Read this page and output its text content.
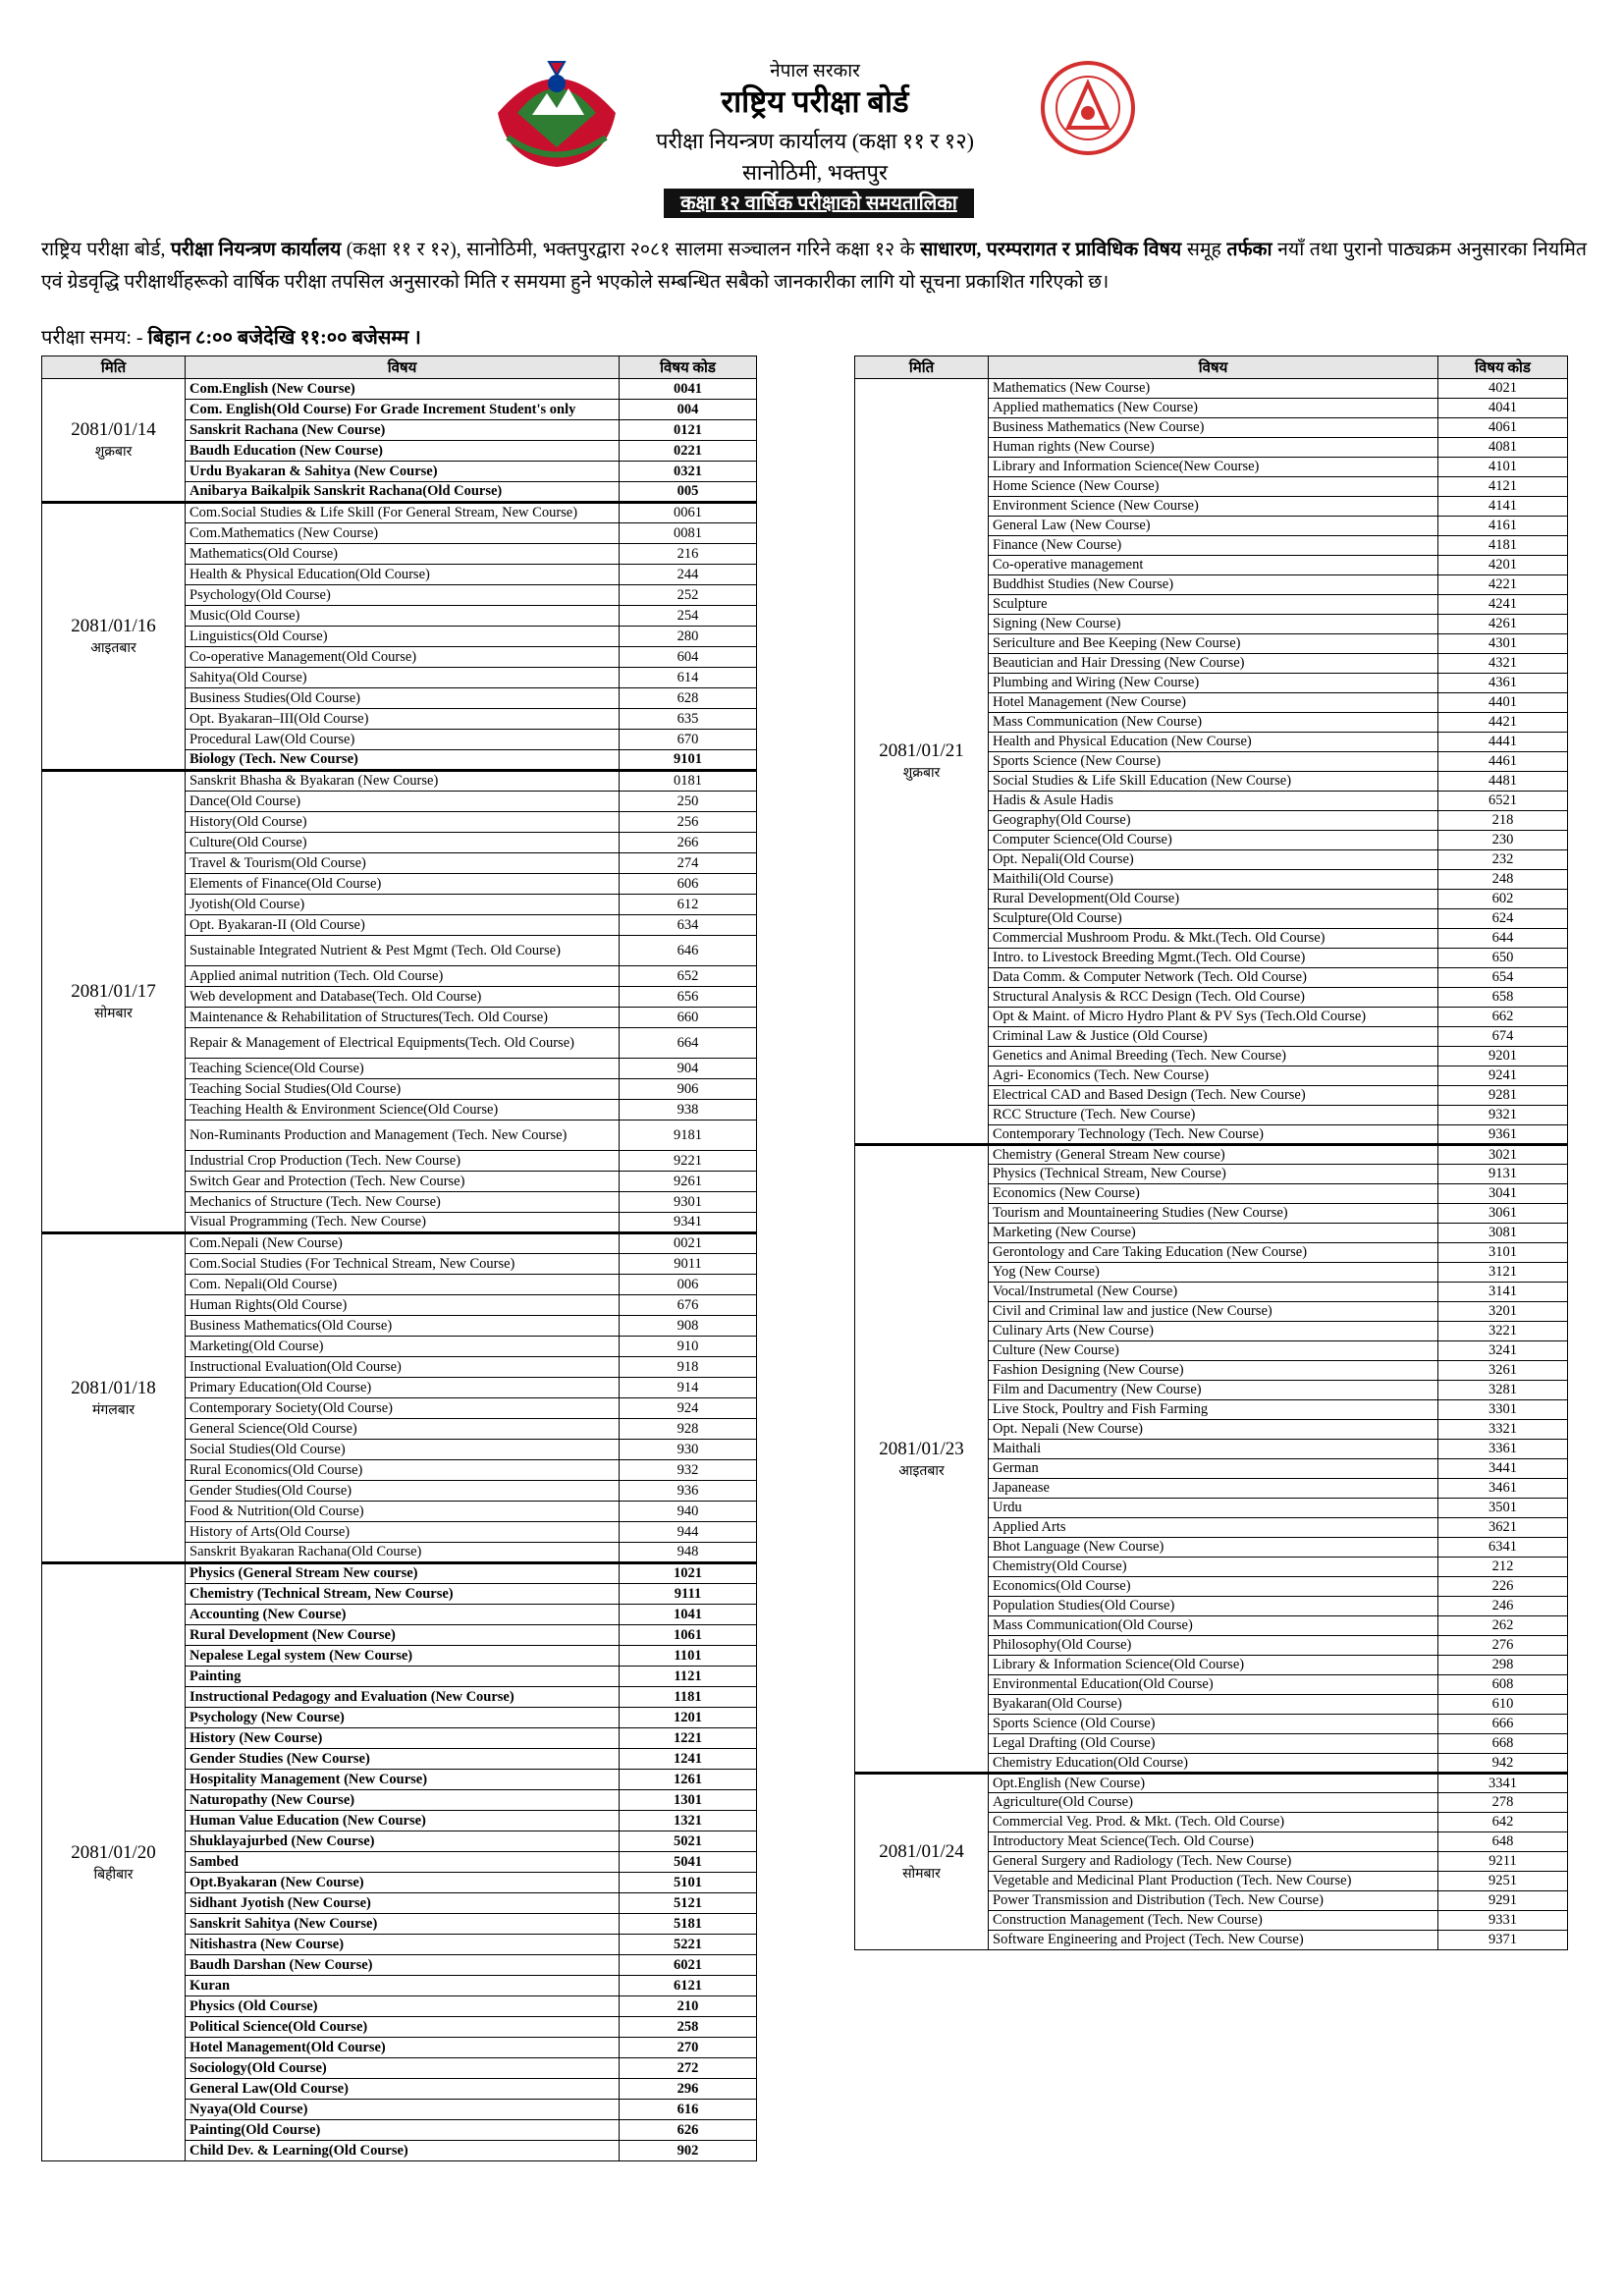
नेपाल सरकार
राष्ट्रिय परीक्षा बोर्ड
परीक्षा नियन्त्रण कार्यालय (कक्षा ११ र १२)
सानोठिमी, भक्तपुर
कक्षा १२ वार्षिक परीक्षाको समयतालिका
राष्ट्रिय परीक्षा बोर्ड, परीक्षा नियन्त्रण कार्यालय (कक्षा ११ र १२), सानोठिमी, भक्तपुरद्वारा २०८१ सालमा सञ्चालन गरिने कक्षा १२ के साधारण, परम्परागत र प्राविधिक विषय समूह तर्फका नयाँ तथा पुरानो पाठ्यक्रम अनुसारका नियमित एवं ग्रेडवृद्धि परीक्षार्थीहरूको वार्षिक परीक्षा तपसिल अनुसारको मिति र समयमा हुने भएकोले सम्बन्धित सबैको जानकारीका लागि यो सूचना प्रकाशित गरिएको छ।
परीक्षा समय: - बिहान ८:०० बजेदेखि ११:०० बजेसम्म ।
मिति	विषय	विषय कोड
2081/01/14
शुक्रबार	Com.English (New Course)	0041
	Com. English(Old Course) For Grade Increment Student's only	004
	Sanskrit Rachana (New Course)	0121
	Baudh Education (New Course)	0221
	Urdu Byakaran & Sahitya (New Course)	0321
	Anibarya Baikalpik Sanskrit Rachana(Old Course)	005
2081/01/16
आइतबार	Com.Social Studies & Life Skill (For General Stream, New Course)	0061
	Com.Mathematics (New Course)	0081
	Mathematics(Old Course)	216
	Health & Physical Education(Old Course)	244
	Psychology(Old Course)	252
	Music(Old Course)	254
	Linguistics(Old Course)	280
	Co-operative Management(Old Course)	604
	Sahitya(Old Course)	614
	Business Studies(Old Course)	628
	Opt. Byakaran–III(Old Course)	635
	Procedural Law(Old Course)	670
	Biology (Tech. New Course)	9101
2081/01/17
सोमबार	Sanskrit Bhasha & Byakaran (New Course)	0181
	Dance(Old Course)	250
	History(Old Course)	256
	Culture(Old Course)	266
	Travel & Tourism(Old Course)	274
	Elements of Finance(Old Course)	606
	Jyotish(Old Course)	612
	Opt. Byakaran-II (Old Course)	634
	Sustainable Integrated Nutrient & Pest Mgmt (Tech. Old Course)	646
	Applied animal nutrition (Tech. Old Course)	652
	Web development and Database(Tech. Old Course)	656
	Maintenance & Rehabilitation of Structures(Tech. Old Course)	660
	Repair & Management of Electrical Equipments(Tech. Old Course)	664
	Teaching Science(Old Course)	904
	Teaching Social Studies(Old Course)	906
	Teaching Health & Environment Science(Old Course)	938
	Non-Ruminants Production and Management (Tech. New Course)	9181
	Industrial Crop Production (Tech. New Course)	9221
	Switch Gear and Protection (Tech. New Course)	9261
	Mechanics of Structure (Tech. New Course)	9301
	Visual Programming (Tech. New Course)	9341
2081/01/18
मंगलबार	Com.Nepali (New Course)	0021
	Com.Social Studies (For Technical Stream, New Course)	9011
	Com. Nepali(Old Course)	006
	Human Rights(Old Course)	676
	Business Mathematics(Old Course)	908
	Marketing(Old Course)	910
	Instructional Evaluation(Old Course)	918
	Primary Education(Old Course)	914
	Contemporary Society(Old Course)	924
	General Science(Old Course)	928
	Social Studies(Old Course)	930
	Rural Economics(Old Course)	932
	Gender Studies(Old Course)	936
	Food & Nutrition(Old Course)	940
	History of Arts(Old Course)	944
	Sanskrit Byakaran Rachana(Old Course)	948
2081/01/20
बिहीबार	Physics (General Stream New course)	1021
	Chemistry (Technical Stream, New Course)	9111
	Accounting (New Course)	1041
	Rural Development (New Course)	1061
	Nepalese Legal system (New Course)	1101
	Painting	1121
	Instructional Pedagogy and Evaluation (New Course)	1181
	Psychology (New Course)	1201
	History (New Course)	1221
	Gender Studies (New Course)	1241
	Hospitality Management (New Course)	1261
	Naturopathy (New Course)	1301
	Human Value Education (New Course)	1321
	Shuklayajurbed (New Course)	5021
	Sambed	5041
	Opt.Byakaran (New Course)	5101
	Sidhant Jyotish (New Course)	5121
	Sanskrit Sahitya (New Course)	5181
	Nitishastra (New Course)	5221
	Baudh Darshan (New Course)	6021
	Kuran	6121
	Physics (Old Course)	210
	Political Science(Old Course)	258
	Hotel Management(Old Course)	270
	Sociology(Old Course)	272
	General Law(Old Course)	296
	Nyaya(Old Course)	616
	Painting(Old Course)	626
	Child Dev. & Learning(Old Course)	902
मिति	विषय	विषय कोड
2081/01/21
शुक्रबार	Mathematics (New Course)	4021
	Applied mathematics (New Course)	4041
	Business Mathematics (New Course)	4061
	Human rights (New Course)	4081
	Library and Information Science(New Course)	4101
	Home Science (New Course)	4121
	Environment Science (New Course)	4141
	General Law (New Course)	4161
	Finance (New Course)	4181
	Co-operative management	4201
	Buddhist Studies (New Course)	4221
	Sculpture	4241
	Signing (New Course)	4261
	Sericulture and Bee Keeping (New Course)	4301
	Beautician and Hair Dressing (New Course)	4321
	Plumbing and Wiring (New Course)	4361
	Hotel Management (New Course)	4401
	Mass Communication (New Course)	4421
	Health and Physical Education (New Course)	4441
	Sports Science (New Course)	4461
	Social Studies & Life Skill Education (New Course)	4481
	Hadis & Asule Hadis	6521
	Geography(Old Course)	218
	Computer Science(Old Course)	230
	Opt. Nepali(Old Course)	232
	Maithili(Old Course)	248
	Rural Development(Old Course)	602
	Sculpture(Old Course)	624
	Commercial Mushroom Produ. & Mkt.(Tech. Old Course)	644
	Intro. to Livestock Breeding Mgmt.(Tech. Old Course)	650
	Data Comm. & Computer Network (Tech. Old Course)	654
	Structural Analysis & RCC Design (Tech. Old Course)	658
	Opt & Maint. of Micro Hydro Plant & PV Sys (Tech.Old Course)	662
	Criminal Law & Justice (Old Course)	674
	Genetics and Animal Breeding (Tech. New Course)	9201
	Agri- Economics (Tech. New Course)	9241
	Electrical CAD and Based Design (Tech. New Course)	9281
	RCC Structure (Tech. New Course)	9321
	Contemporary Technology (Tech. New Course)	9361
2081/01/23
आइतबार	Chemistry (General Stream New course)	3021
	Physics (Technical Stream, New Course)	9131
	Economics (New Course)	3041
	Tourism and Mountaineering Studies (New Course)	3061
	Marketing (New Course)	3081
	Gerontology and Care Taking Education (New Course)	3101
	Yog (New Course)	3121
	Vocal/Instrumetal (New Course)	3141
	Civil and Criminal law and justice (New Course)	3201
	Culinary Arts (New Course)	3221
	Culture (New Course)	3241
	Fashion Designing (New Course)	3261
	Film and Dacumentry (New Course)	3281
	Live Stock, Poultry and Fish Farming	3301
	Opt. Nepali (New Course)	3321
	Maithali	3361
	German	3441
	Japanease	3461
	Urdu	3501
	Applied Arts	3621
	Bhot Language (New Course)	6341
	Chemistry(Old Course)	212
	Economics(Old Course)	226
	Population Studies(Old Course)	246
	Mass Communication(Old Course)	262
	Philosophy(Old Course)	276
	Library & Information Science(Old Course)	298
	Environmental Education(Old Course)	608
	Byakaran(Old Course)	610
	Sports Science (Old Course)	666
	Legal Drafting (Old Course)	668
	Chemistry Education(Old Course)	942
2081/01/24
सोमबार	Opt.English (New Course)	3341
	Agriculture(Old Course)	278
	Commercial Veg. Prod. & Mkt. (Tech. Old Course)	642
	Introductory Meat Science(Tech. Old Course)	648
	General Surgery and Radiology (Tech. New Course)	9211
	Vegetable and Medicinal Plant Production (Tech. New Course)	9251
	Power Transmission and Distribution (Tech. New Course)	9291
	Construction Management (Tech. New Course)	9331
	Software Engineering and Project (Tech. New Course)	9371
